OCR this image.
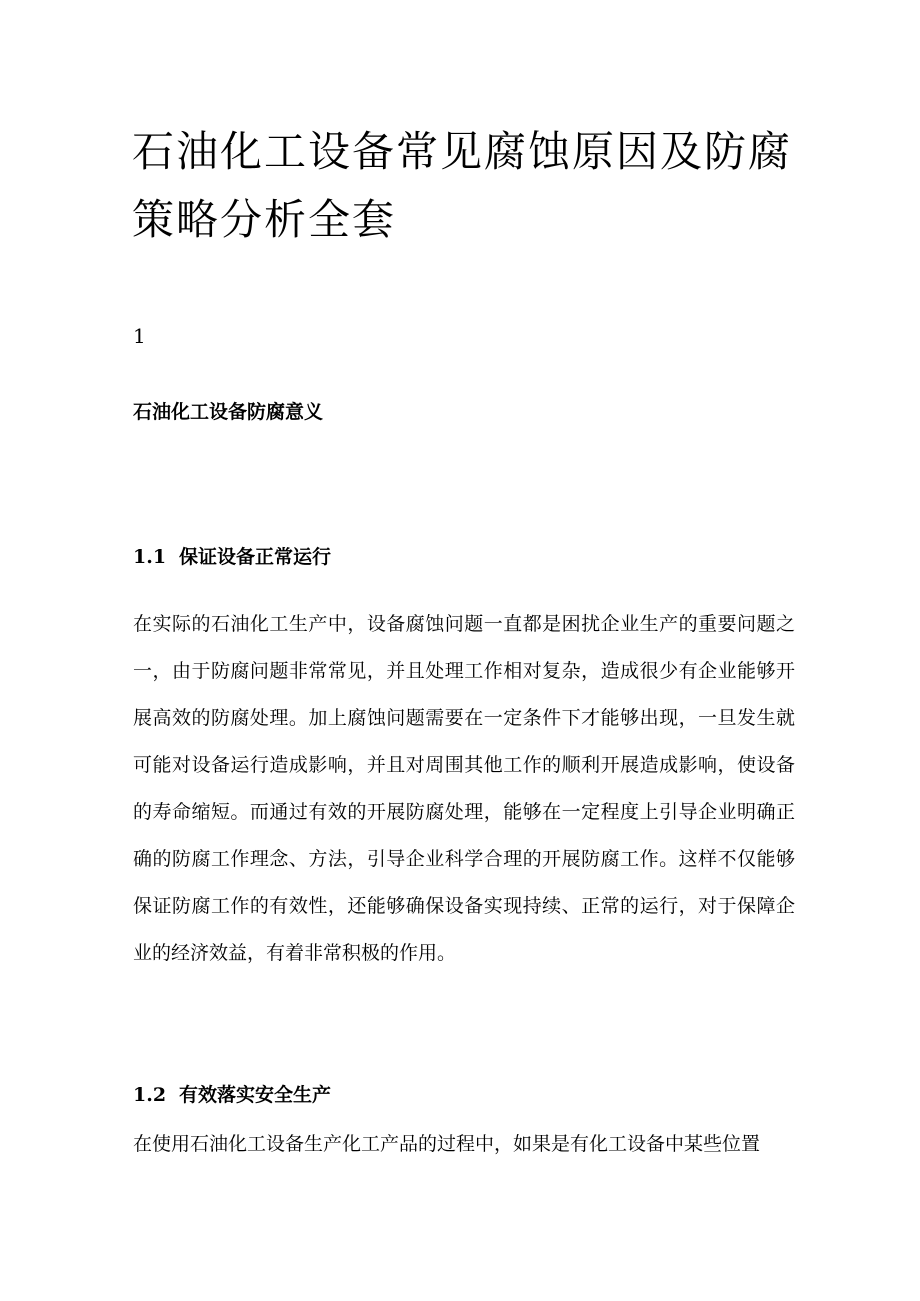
石油化工设备常见腐蚀原因及防腐策略分析全套

1

石油化工设备防腐意义
1.1 保证设备正常运行

在实际的石油化工生产中，设备腐蚀问题一直都是困扰企业生产的重要问题之一，由于防腐问题非常常见，并且处理工作相对复杂，造成很少有企业能够开展高效的防腐处理。加上腐蚀问题需要在一定条件下才能够出现，一旦发生就可能对设备运行造成影响，并且对周围其他工作的顺利开展造成影响，使设备的寿命缩短。而通过有效的开展防腐处理，能够在一定程度上引导企业明确正确的防腐工作理念、方法，引导企业科学合理的开展防腐工作。这样不仅能够保证防腐工作的有效性，还能够确保设备实现持续、正常的运行，对于保障企业的经济效益，有着非常积极的作用。

1.2 有效落实安全生产

在使用石油化工设备生产化工产品的过程中，如果是有化工设备中某些位置
